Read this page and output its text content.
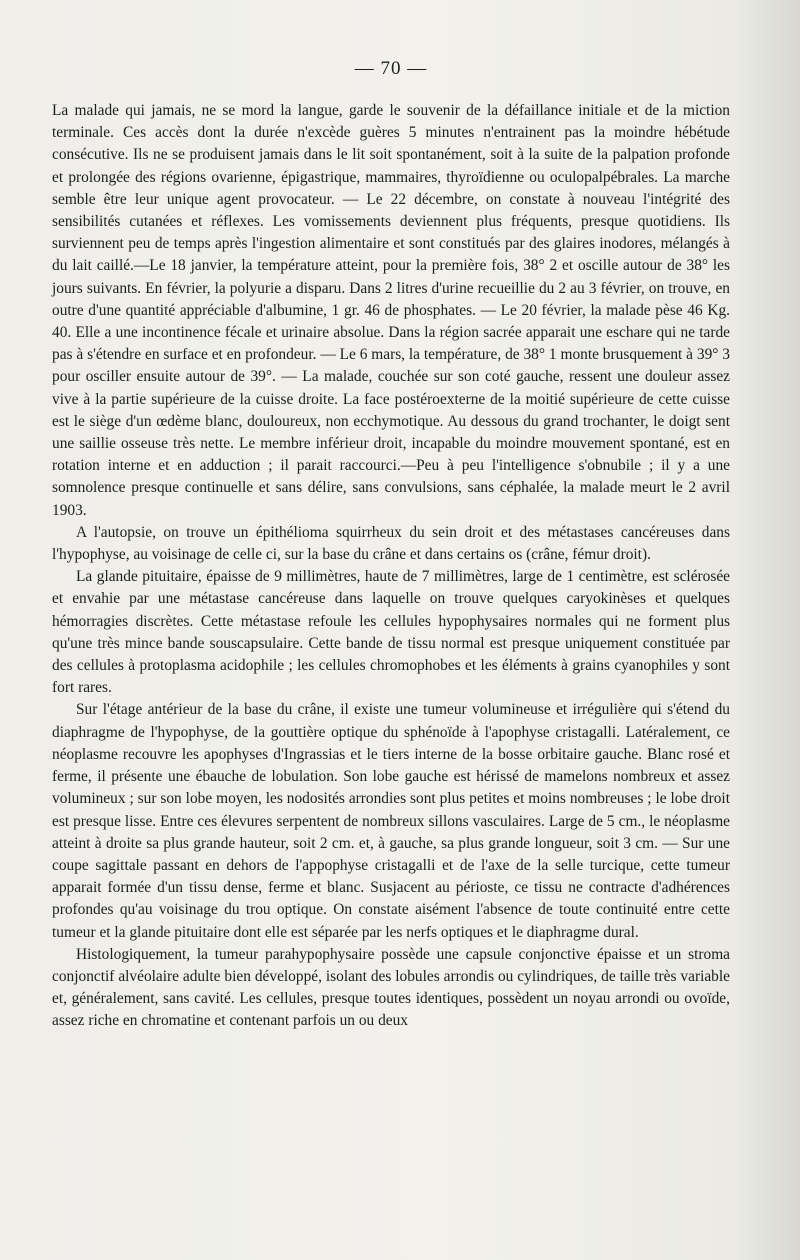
— 70 —

La malade qui jamais, ne se mord la langue, garde le souvenir de la défaillance initiale et de la miction terminale. Ces accès dont la durée n'excède guères 5 minutes n'entrainent pas la moindre hébétude consécutive. Ils ne se produisent jamais dans le lit soit spontanément, soit à la suite de la palpation profonde et prolongée des régions ovarienne, épigastrique, mammaires, thyroïdienne ou oculopalpébrales. La marche semble être leur unique agent provocateur. — Le 22 décembre, on constate à nouveau l'intégrité des sensibilités cutanées et réflexes. Les vomissements deviennent plus fréquents, presque quotidiens. Ils surviennent peu de temps après l'ingestion alimentaire et sont constitués par des glaires inodores, mélangés à du lait caillé.—Le 18 janvier, la température atteint, pour la première fois, 38° 2 et oscille autour de 38° les jours suivants. En février, la polyurie a disparu. Dans 2 litres d'urine recueillie du 2 au 3 février, on trouve, en outre d'une quantité appréciable d'albumine, 1 gr. 46 de phosphates. — Le 20 février, la malade pèse 46 Kg. 40. Elle a une incontinence fécale et urinaire absolue. Dans la région sacrée apparait une eschare qui ne tarde pas à s'étendre en surface et en profondeur. — Le 6 mars, la température, de 38° 1 monte brusquement à 39° 3 pour osciller ensuite autour de 39°. — La malade, couchée sur son coté gauche, ressent une douleur assez vive à la partie supérieure de la cuisse droite. La face postéroexterne de la moitié supérieure de cette cuisse est le siège d'un œdème blanc, douloureux, non ecchymotique. Au dessous du grand trochanter, le doigt sent une saillie osseuse très nette. Le membre inférieur droit, incapable du moindre mouvement spontané, est en rotation interne et en adduction ; il parait raccourci.—Peu à peu l'intelligence s'obnubile ; il y a une somnolence presque continuelle et sans délire, sans convulsions, sans céphalée, la malade meurt le 2 avril 1903.

A l'autopsie, on trouve un épithélioma squirrheux du sein droit et des métastases cancéreuses dans l'hypophyse, au voisinage de celle ci, sur la base du crâne et dans certains os (crâne, fémur droit).

La glande pituitaire, épaisse de 9 millimètres, haute de 7 millimètres, large de 1 centimètre, est sclérosée et envahie par une métastase cancéreuse dans laquelle on trouve quelques caryokinèses et quelques hémorragies discrètes. Cette métastase refoule les cellules hypophysaires normales qui ne forment plus qu'une très mince bande souscapsulaire. Cette bande de tissu normal est presque uniquement constituée par des cellules à protoplasma acidophile ; les cellules chromophobes et les éléments à grains cyanophiles y sont fort rares.

Sur l'étage antérieur de la base du crâne, il existe une tumeur volumineuse et irrégulière qui s'étend du diaphragme de l'hypophyse, de la gouttière optique du sphénoïde à l'apophyse cristagalli. Latéralement, ce néoplasme recouvre les apophyses d'Ingrassias et le tiers interne de la bosse orbitaire gauche. Blanc rosé et ferme, il présente une ébauche de lobulation. Son lobe gauche est hérissé de mamelons nombreux et assez volumineux ; sur son lobe moyen, les nodosités arrondies sont plus petites et moins nombreuses ; le lobe droit est presque lisse. Entre ces élevures serpentent de nombreux sillons vasculaires. Large de 5 cm., le néoplasme atteint à droite sa plus grande hauteur, soit 2 cm. et, à gauche, sa plus grande longueur, soit 3 cm. — Sur une coupe sagittale passant en dehors de l'appophyse cristagalli et de l'axe de la selle turcique, cette tumeur apparait formée d'un tissu dense, ferme et blanc. Susjacent au périoste, ce tissu ne contracte d'adhérences profondes qu'au voisinage du trou optique. On constate aisément l'absence de toute continuité entre cette tumeur et la glande pituitaire dont elle est séparée par les nerfs optiques et le diaphragme dural.

Histologiquement, la tumeur parahypophysaire possède une capsule conjonctive épaisse et un stroma conjonctif alvéolaire adulte bien développé, isolant des lobules arrondis ou cylindriques, de taille très variable et, généralement, sans cavité. Les cellules, presque toutes identiques, possèdent un noyau arrondi ou ovoïde, assez riche en chromatine et contenant parfois un ou deux
